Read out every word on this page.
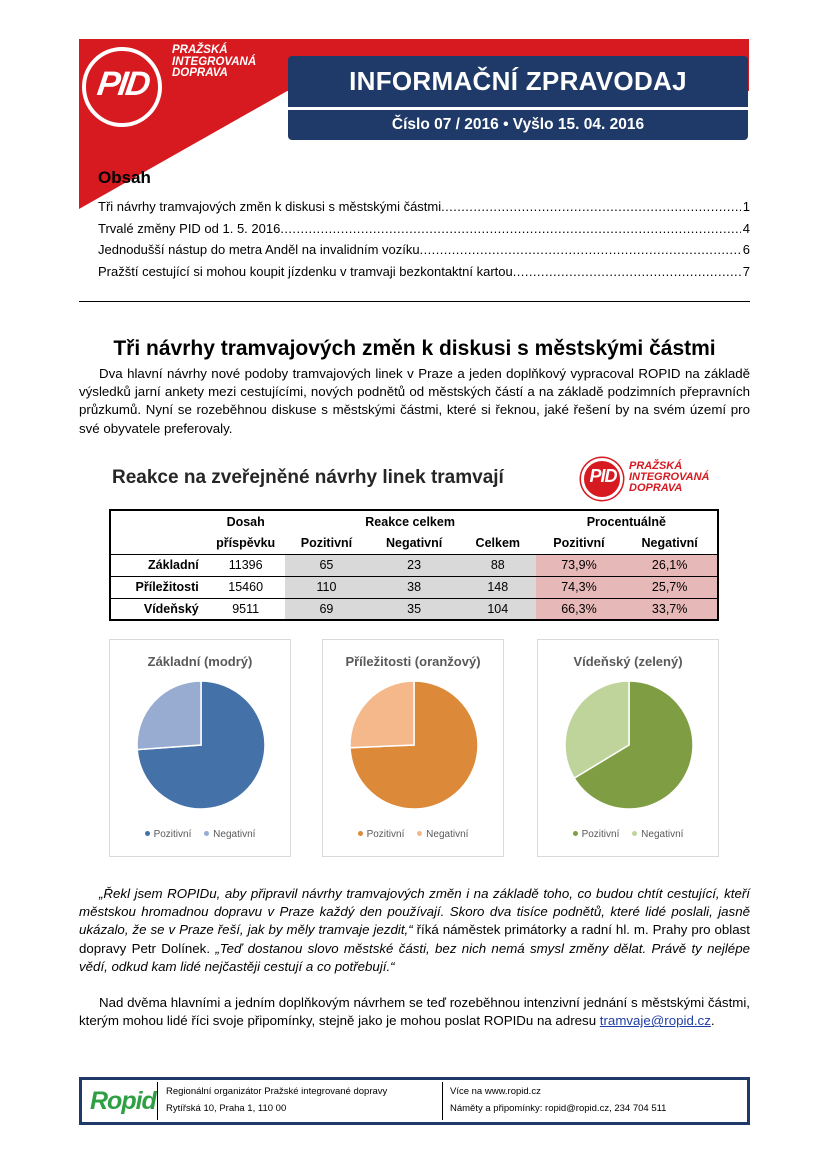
PID
PRAŽSKÁ
INTEGROVANÁ
DOPRAVA	INFORMAČNÍ ZPRAVODAJ
Číslo 07 / 2016 • Vyšlo 15. 04. 2016
Obsah
Tři návrhy tramvajových změn k diskusi s městskými částmi . . .	1
Trvalé změny PID od 1. 5. 2016 . . .	4
Jednodušší nástup do metra Anděl na invalidním vozíku . . .	6
Pražští cestující si mohou koupit jízdenku v tramvaji bezkontaktní kartou . . .	7
Tři návrhy tramvajových změn k diskusi s městskými částmi

Dva hlavní návrhy nové podoby tramvajových linek v Praze a jeden doplňkový vypracoval ROPID na základě výsledků jarní ankety mezi cestujícími, nových podnětů od městských částí a na základě podzimních přepravních průzkumů. Nyní se rozeběhnou diskuse s městskými částmi, které si řeknou, jaké řešení by na svém území pro své obyvatele preferovaly.

Reakce na zveřejněné návrhy linek tramvají	PID	PRAŽSKÁ
INTEGROVANÁ
DOPRAVA
	Dosah	Reakce celkem			Procentuálně	
	příspěvku	Pozitivní	Negativní	Celkem	Pozitivní	Negativní
Základní	11396	65	23	88	73,9%	26,1%
Příležitosti	15460	110	38	148	74,3%	25,7%
Vídeňský	9511	69	35	104	66,3%	33,7%
Základní (modrý)
Pozitivní Negativní
Příležitosti (oranžový)
Pozitivní Negativní
Vídeňský (zelený)
Pozitivní Negativní

„Řekl jsem ROPIDu, aby připravil návrhy tramvajových změn i na základě toho, co budou chtít cestující, kteří městskou hromadnou dopravu v Praze každý den používají. Skoro dva tisíce podnětů, které lidé poslali, jasně ukázalo, že se v Praze řeší, jak by měly tramvaje jezdit,“ říká náměstek primátorky a radní hl. m. Prahy pro oblast dopravy Petr Dolínek. „Teď dostanou slovo městské části, bez nich nemá smysl změny dělat. Právě ty nejlépe vědí, odkud kam lidé nejčastěji cestují a co potřebují.“

Nad dvěma hlavními a jedním doplňkovým návrhem se teď rozeběhnou intenzivní jednání s městskými částmi, kterým mohou lidé říci svoje připomínky, stejně jako je mohou poslat ROPIDu na adresu tramvaje@ropid.cz.

Ropid Regionální organizátor Pražské integrované dopravy
Rytířská 10, Praha 1, 110 00
Více na www.ropid.cz
Náměty a připomínky: ropid@ropid.cz, 234 704 511
